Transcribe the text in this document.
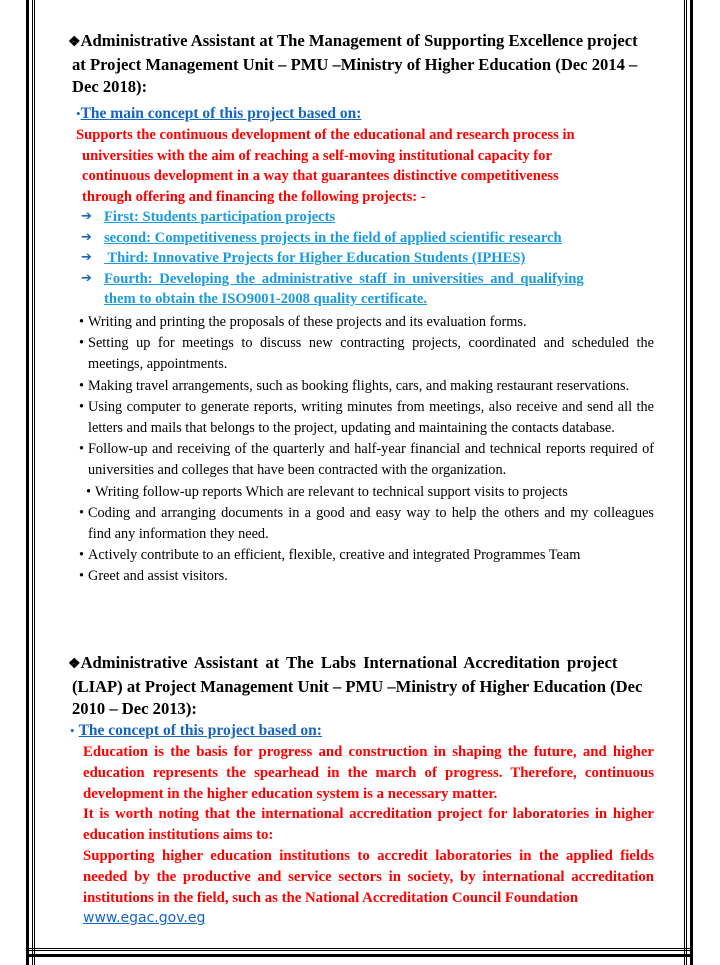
❖Administrative Assistant at The Management of Supporting Excellence project
at Project Management Unit – PMU –Ministry of Higher Education (Dec 2014 –
Dec 2018):

•The main concept of this project based on:

Supports the continuous development of the educational and research process in

universities with the aim of reaching a self-moving institutional capacity for

continuous development in a way that guarantees distinctive competitiveness

through offering and financing the following projects: -

➔ First: Students participation projects

➔ second: Competitiveness projects in the field of applied scientific research

➔ Third: Innovative Projects for Higher Education Students (IPHES)

➔ Fourth: Developing the administrative staff in universities and qualifying

them to obtain the ISO9001-2008 quality certificate.

• Writing and printing the proposals of these projects and its evaluation forms.

• Setting up for meetings to discuss new contracting projects, coordinated and scheduled the meetings, appointments.

• Making travel arrangements, such as booking flights, cars, and making restaurant reservations.

• Using computer to generate reports, writing minutes from meetings, also receive and send all the letters and mails that belongs to the project, updating and maintaining the contacts database.

• Follow-up and receiving of the quarterly and half-year financial and technical reports required of universities and colleges that have been contracted with the organization.

• Writing follow-up reports Which are relevant to technical support visits to projects

• Coding and arranging documents in a good and easy way to help the others and my colleagues find any information they need.

• Actively contribute to an efficient, flexible, creative and integrated Programmes Team

• Greet and assist visitors.

❖Administrative Assistant at The Labs International Accreditation project
(LIAP) at Project Management Unit – PMU –Ministry of Higher Education (Dec
2010 – Dec 2013):

• The concept of this project based on:

Education is the basis for progress and construction in shaping the future, and higher education represents the spearhead in the march of progress. Therefore, continuous development in the higher education system is a necessary matter.

It is worth noting that the international accreditation project for laboratories in higher education institutions aims to:

Supporting higher education institutions to accredit laboratories in the applied fields needed by the productive and service sectors in society, by international accreditation institutions in the field, such as the National Accreditation Council Foundation

www.egac.gov.eg
